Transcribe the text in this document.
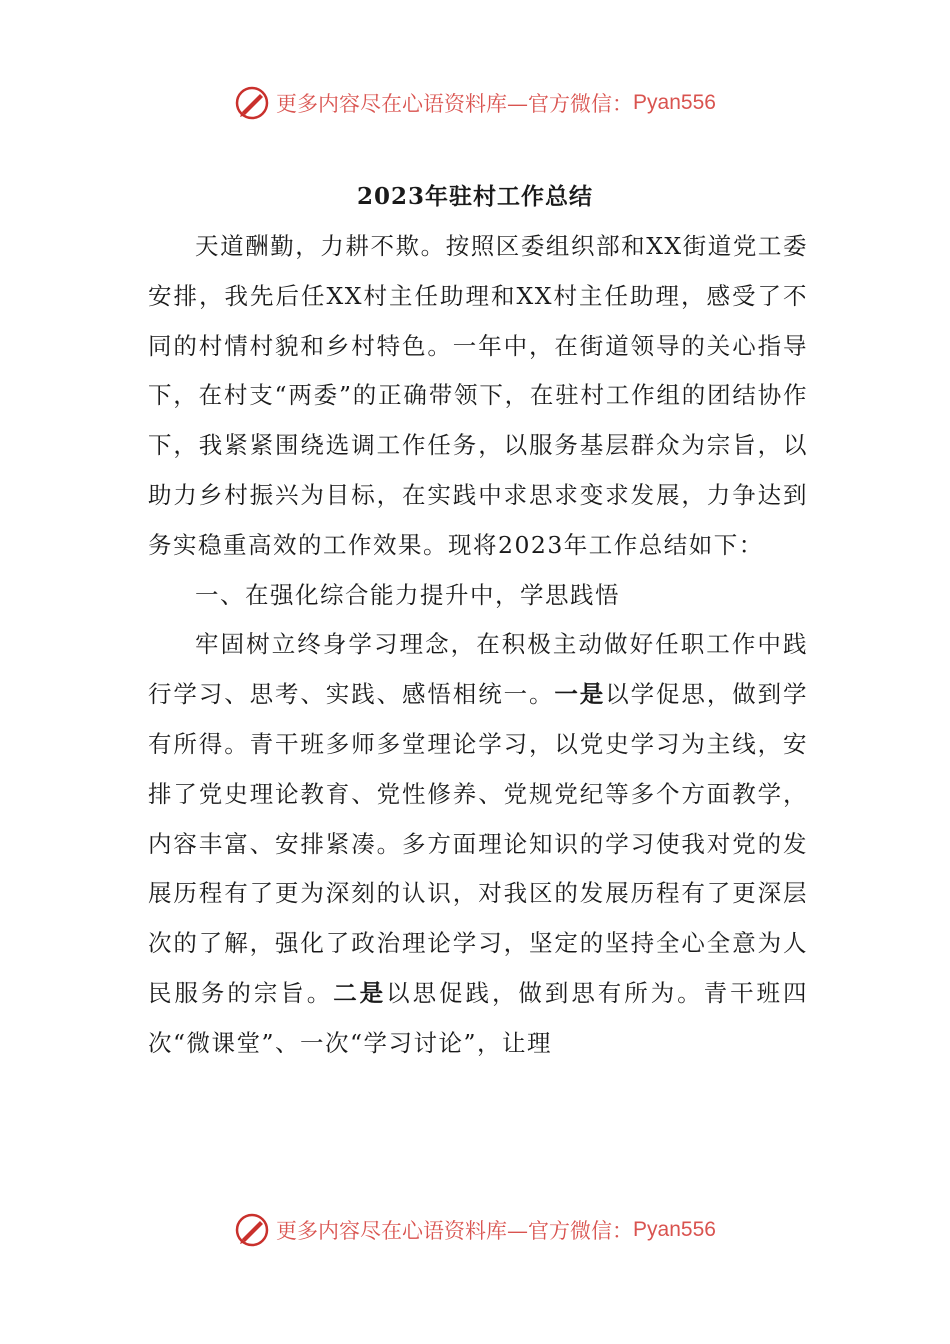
更多内容尽在心语资料库—官方微信： Pyan556
2023年驻村工作总结

天道酬勤，力耕不欺。按照区委组织部和XX街道党工委安排，我先后任XX村主任助理和XX村主任助理，感受了不同的村情村貌和乡村特色。一年中，在街道领导的关心指导下，在村支“两委”的正确带领下，在驻村工作组的团结协作下，我紧紧围绕选调工作任务，以服务基层群众为宗旨，以助力乡村振兴为目标，在实践中求思求变求发展，力争达到务实稳重高效的工作效果。现将2023年工作总结如下：

一、在强化综合能力提升中，学思践悟

牢固树立终身学习理念，在积极主动做好任职工作中践行学习、思考、实践、感悟相统一。一是以学促思，做到学有所得。青干班多师多堂理论学习，以党史学习为主线，安排了党史理论教育、党性修养、党规党纪等多个方面教学，内容丰富、安排紧凑。多方面理论知识的学习使我对党的发展历程有了更为深刻的认识，对我区的发展历程有了更深层次的了解，强化了政治理论学习，坚定的坚持全心全意为人民服务的宗旨。二是以思促践，做到思有所为。青干班四次“微课堂”、一次“学习讨论”，让理

更多内容尽在心语资料库—官方微信： Pyan556
